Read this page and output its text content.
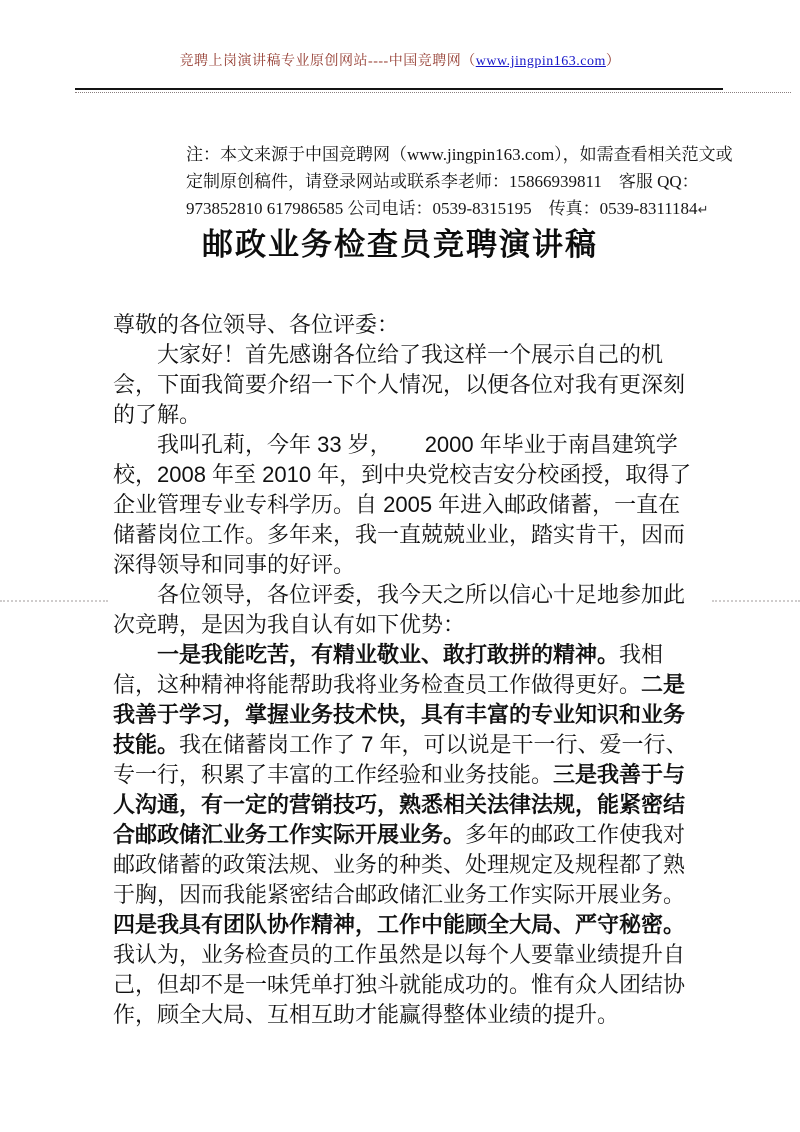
竞聘上岗演讲稿专业原创网站----中国竞聘网（www.jingpin163.com）
注：本文来源于中国竞聘网（www.jingpin163.com），如需查看相关范文或定制原创稿件，请登录网站或联系李老师：15866939811　客服 QQ：973852810 617986585 公司电话：0539-8315195　传真：0539-8311184↵
邮政业务检查员竞聘演讲稿

尊敬的各位领导、各位评委：

大家好！首先感谢各位给了我这样一个展示自己的机会，下面我简要介绍一下个人情况，以便各位对我有更深刻的了解。

我叫孔莉，今年 33 岁，　　2000 年毕业于南昌建筑学校，2008 年至 2010 年，到中央党校吉安分校函授，取得了企业管理专业专科学历。自 2005 年进入邮政储蓄，一直在储蓄岗位工作。多年来，我一直兢兢业业，踏实肯干，因而深得领导和同事的好评。

各位领导，各位评委，我今天之所以信心十足地参加此次竞聘，是因为我自认有如下优势：

一是我能吃苦，有精业敬业、敢打敢拼的精神。我相信，这种精神将能帮助我将业务检查员工作做得更好。二是我善于学习，掌握业务技术快，具有丰富的专业知识和业务技能。我在储蓄岗工作了 7 年，可以说是干一行、爱一行、专一行，积累了丰富的工作经验和业务技能。三是我善于与人沟通，有一定的营销技巧，熟悉相关法律法规，能紧密结合邮政储汇业务工作实际开展业务。多年的邮政工作使我对邮政储蓄的政策法规、业务的种类、处理规定及规程都了熟于胸，因而我能紧密结合邮政储汇业务工作实际开展业务。四是我具有团队协作精神，工作中能顾全大局、严守秘密。我认为，业务检查员的工作虽然是以每个人要靠业绩提升自己，但却不是一味凭单打独斗就能成功的。惟有众人团结协作，顾全大局、互相互助才能赢得整体业绩的提升。
